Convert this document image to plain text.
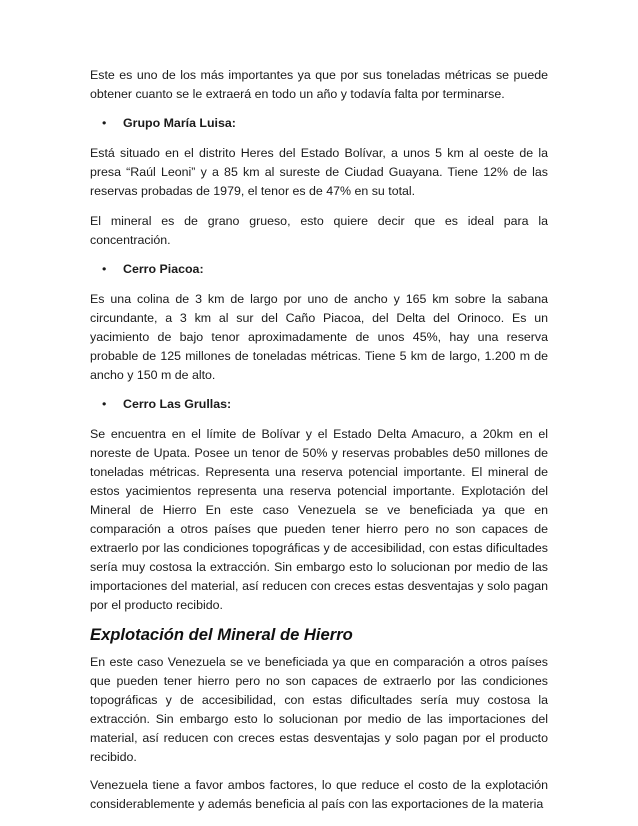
Este es uno de los más importantes ya que por sus toneladas métricas se puede obtener cuanto se le extraerá en todo un año y todavía falta por terminarse.

•	Grupo María Luisa:

Está situado en el distrito Heres del Estado Bolívar, a unos 5 km al oeste de la presa “Raúl Leoni” y a 85 km al sureste de Ciudad Guayana. Tiene 12% de las reservas probadas de 1979, el tenor es de 47% en su total.

El mineral es de grano grueso, esto quiere decir que es ideal para la concentración.

•	Cerro Piacoa:

Es una colina de 3 km de largo por uno de ancho y 165 km sobre la sabana circundante, a 3 km al sur del Caño Piacoa, del Delta del Orinoco. Es un yacimiento de bajo tenor aproximadamente de unos 45%, hay una reserva probable de 125 millones de toneladas métricas. Tiene 5 km de largo, 1.200 m de ancho y 150 m de alto.

•	Cerro Las Grullas:

Se encuentra en el límite de Bolívar y el Estado Delta Amacuro, a 20km en el noreste de Upata. Posee un tenor de 50% y reservas probables de50 millones de toneladas métricas. Representa una reserva potencial importante. El mineral de estos yacimientos representa una reserva potencial importante. Explotación del Mineral de Hierro En este caso Venezuela se ve beneficiada ya que en comparación a otros países que pueden tener hierro pero no son capaces de extraerlo por las condiciones topográficas y de accesibilidad, con estas dificultades sería muy costosa la extracción. Sin embargo esto lo solucionan por medio de las importaciones del material, así reducen con creces estas desventajas y solo pagan por el producto recibido.

Explotación del Mineral de Hierro

En este caso Venezuela se ve beneficiada ya que en comparación a otros países que pueden tener hierro pero no son capaces de extraerlo por las condiciones topográficas y de accesibilidad, con estas dificultades sería muy costosa la extracción. Sin embargo esto lo solucionan por medio de las importaciones del material, así reducen con creces estas desventajas y solo pagan por el producto recibido.

Venezuela tiene a favor ambos factores, lo que reduce el costo de la explotación considerablemente y además beneficia al país con las exportaciones de la materia
